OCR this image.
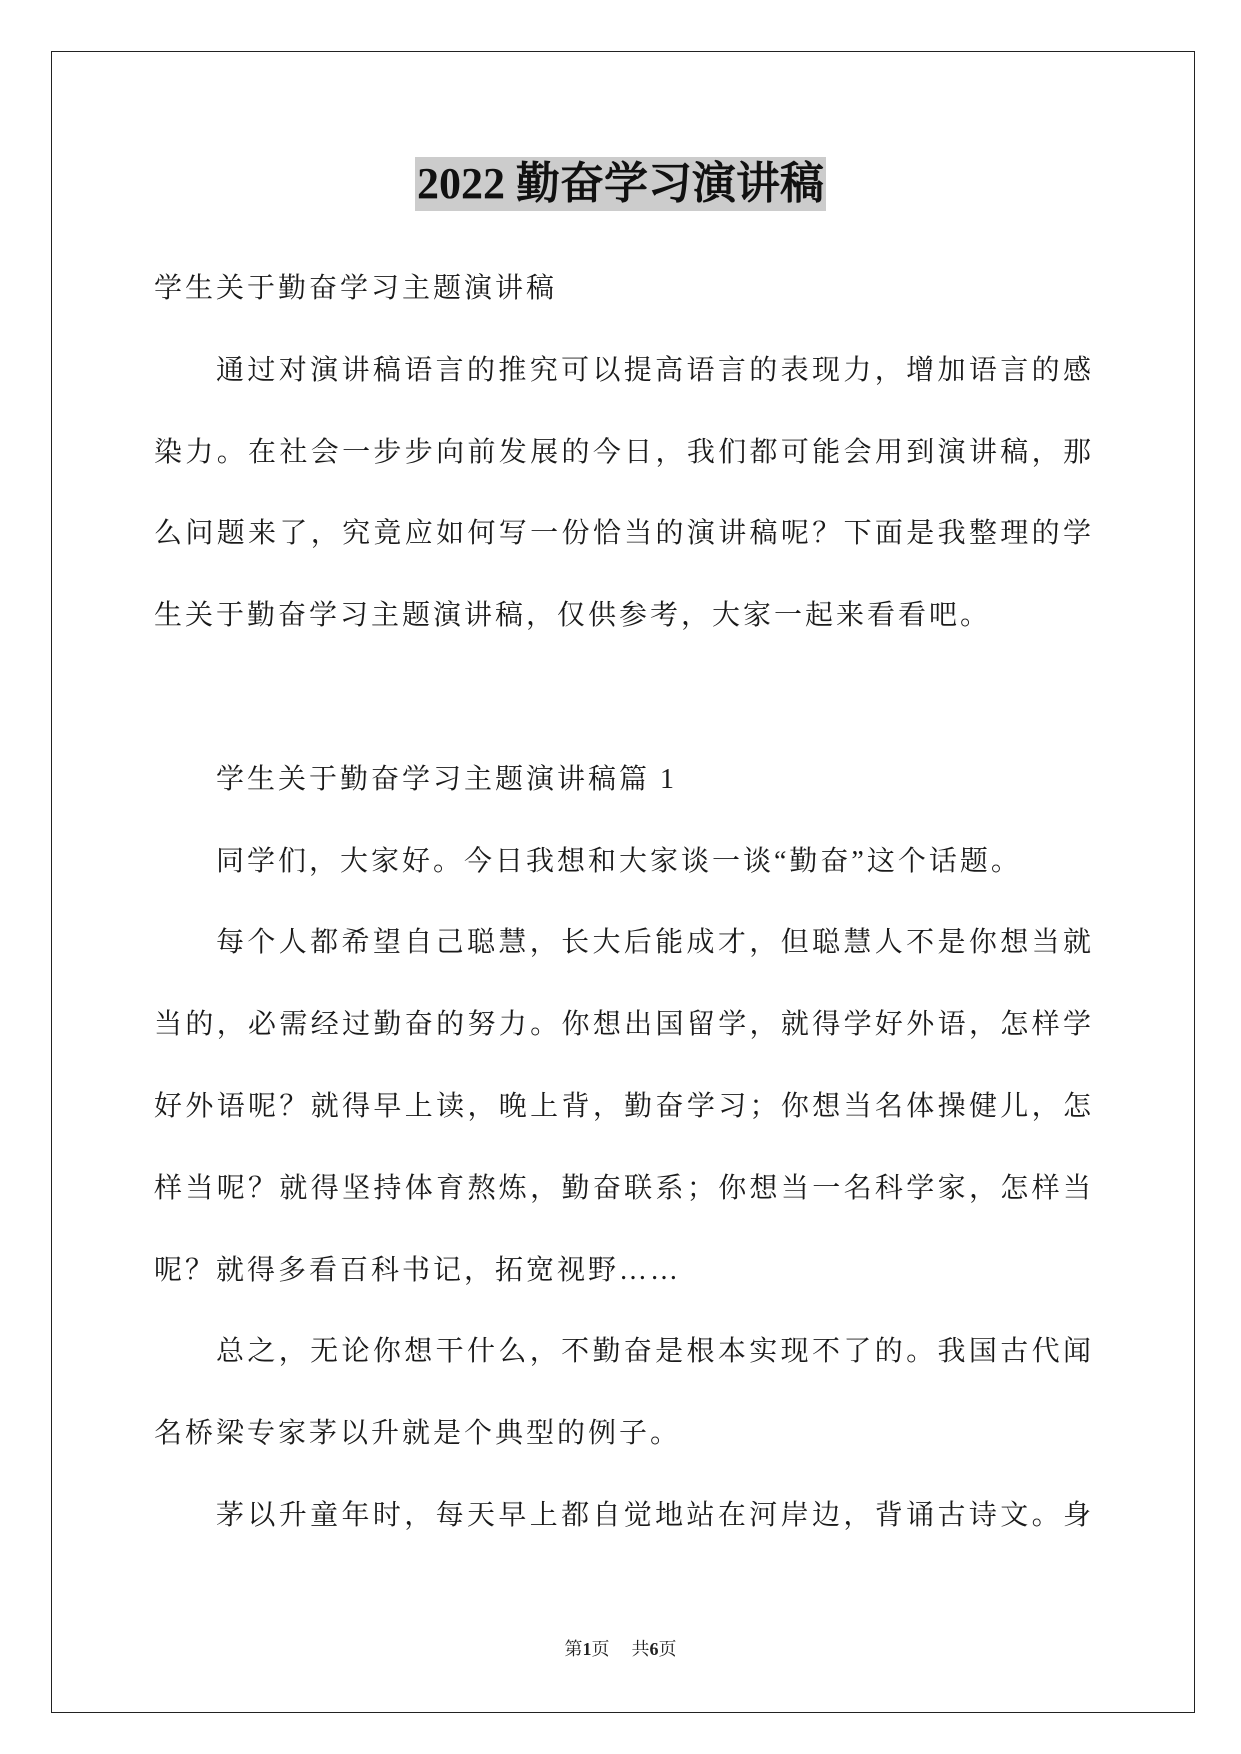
2022 勤奋学习演讲稿
学生关于勤奋学习主题演讲稿
通过对演讲稿语言的推究可以提高语言的表现力，增加语言的感
染力。在社会一步步向前发展的今日，我们都可能会用到演讲稿，那
么问题来了，究竟应如何写一份恰当的演讲稿呢？下面是我整理的学
生关于勤奋学习主题演讲稿，仅供参考，大家一起来看看吧。
学生关于勤奋学习主题演讲稿篇 1
同学们，大家好。今日我想和大家谈一谈“勤奋”这个话题。
每个人都希望自己聪慧，长大后能成才，但聪慧人不是你想当就
当的，必需经过勤奋的努力。你想出国留学，就得学好外语，怎样学
好外语呢？就得早上读，晚上背，勤奋学习；你想当名体操健儿，怎
样当呢？就得坚持体育熬炼，勤奋联系；你想当一名科学家，怎样当
呢？就得多看百科书记，拓宽视野……
总之，无论你想干什么，不勤奋是根本实现不了的。我国古代闻
名桥梁专家茅以升就是个典型的例子。
茅以升童年时，每天早上都自觉地站在河岸边，背诵古诗文。身
第1页 共6页
